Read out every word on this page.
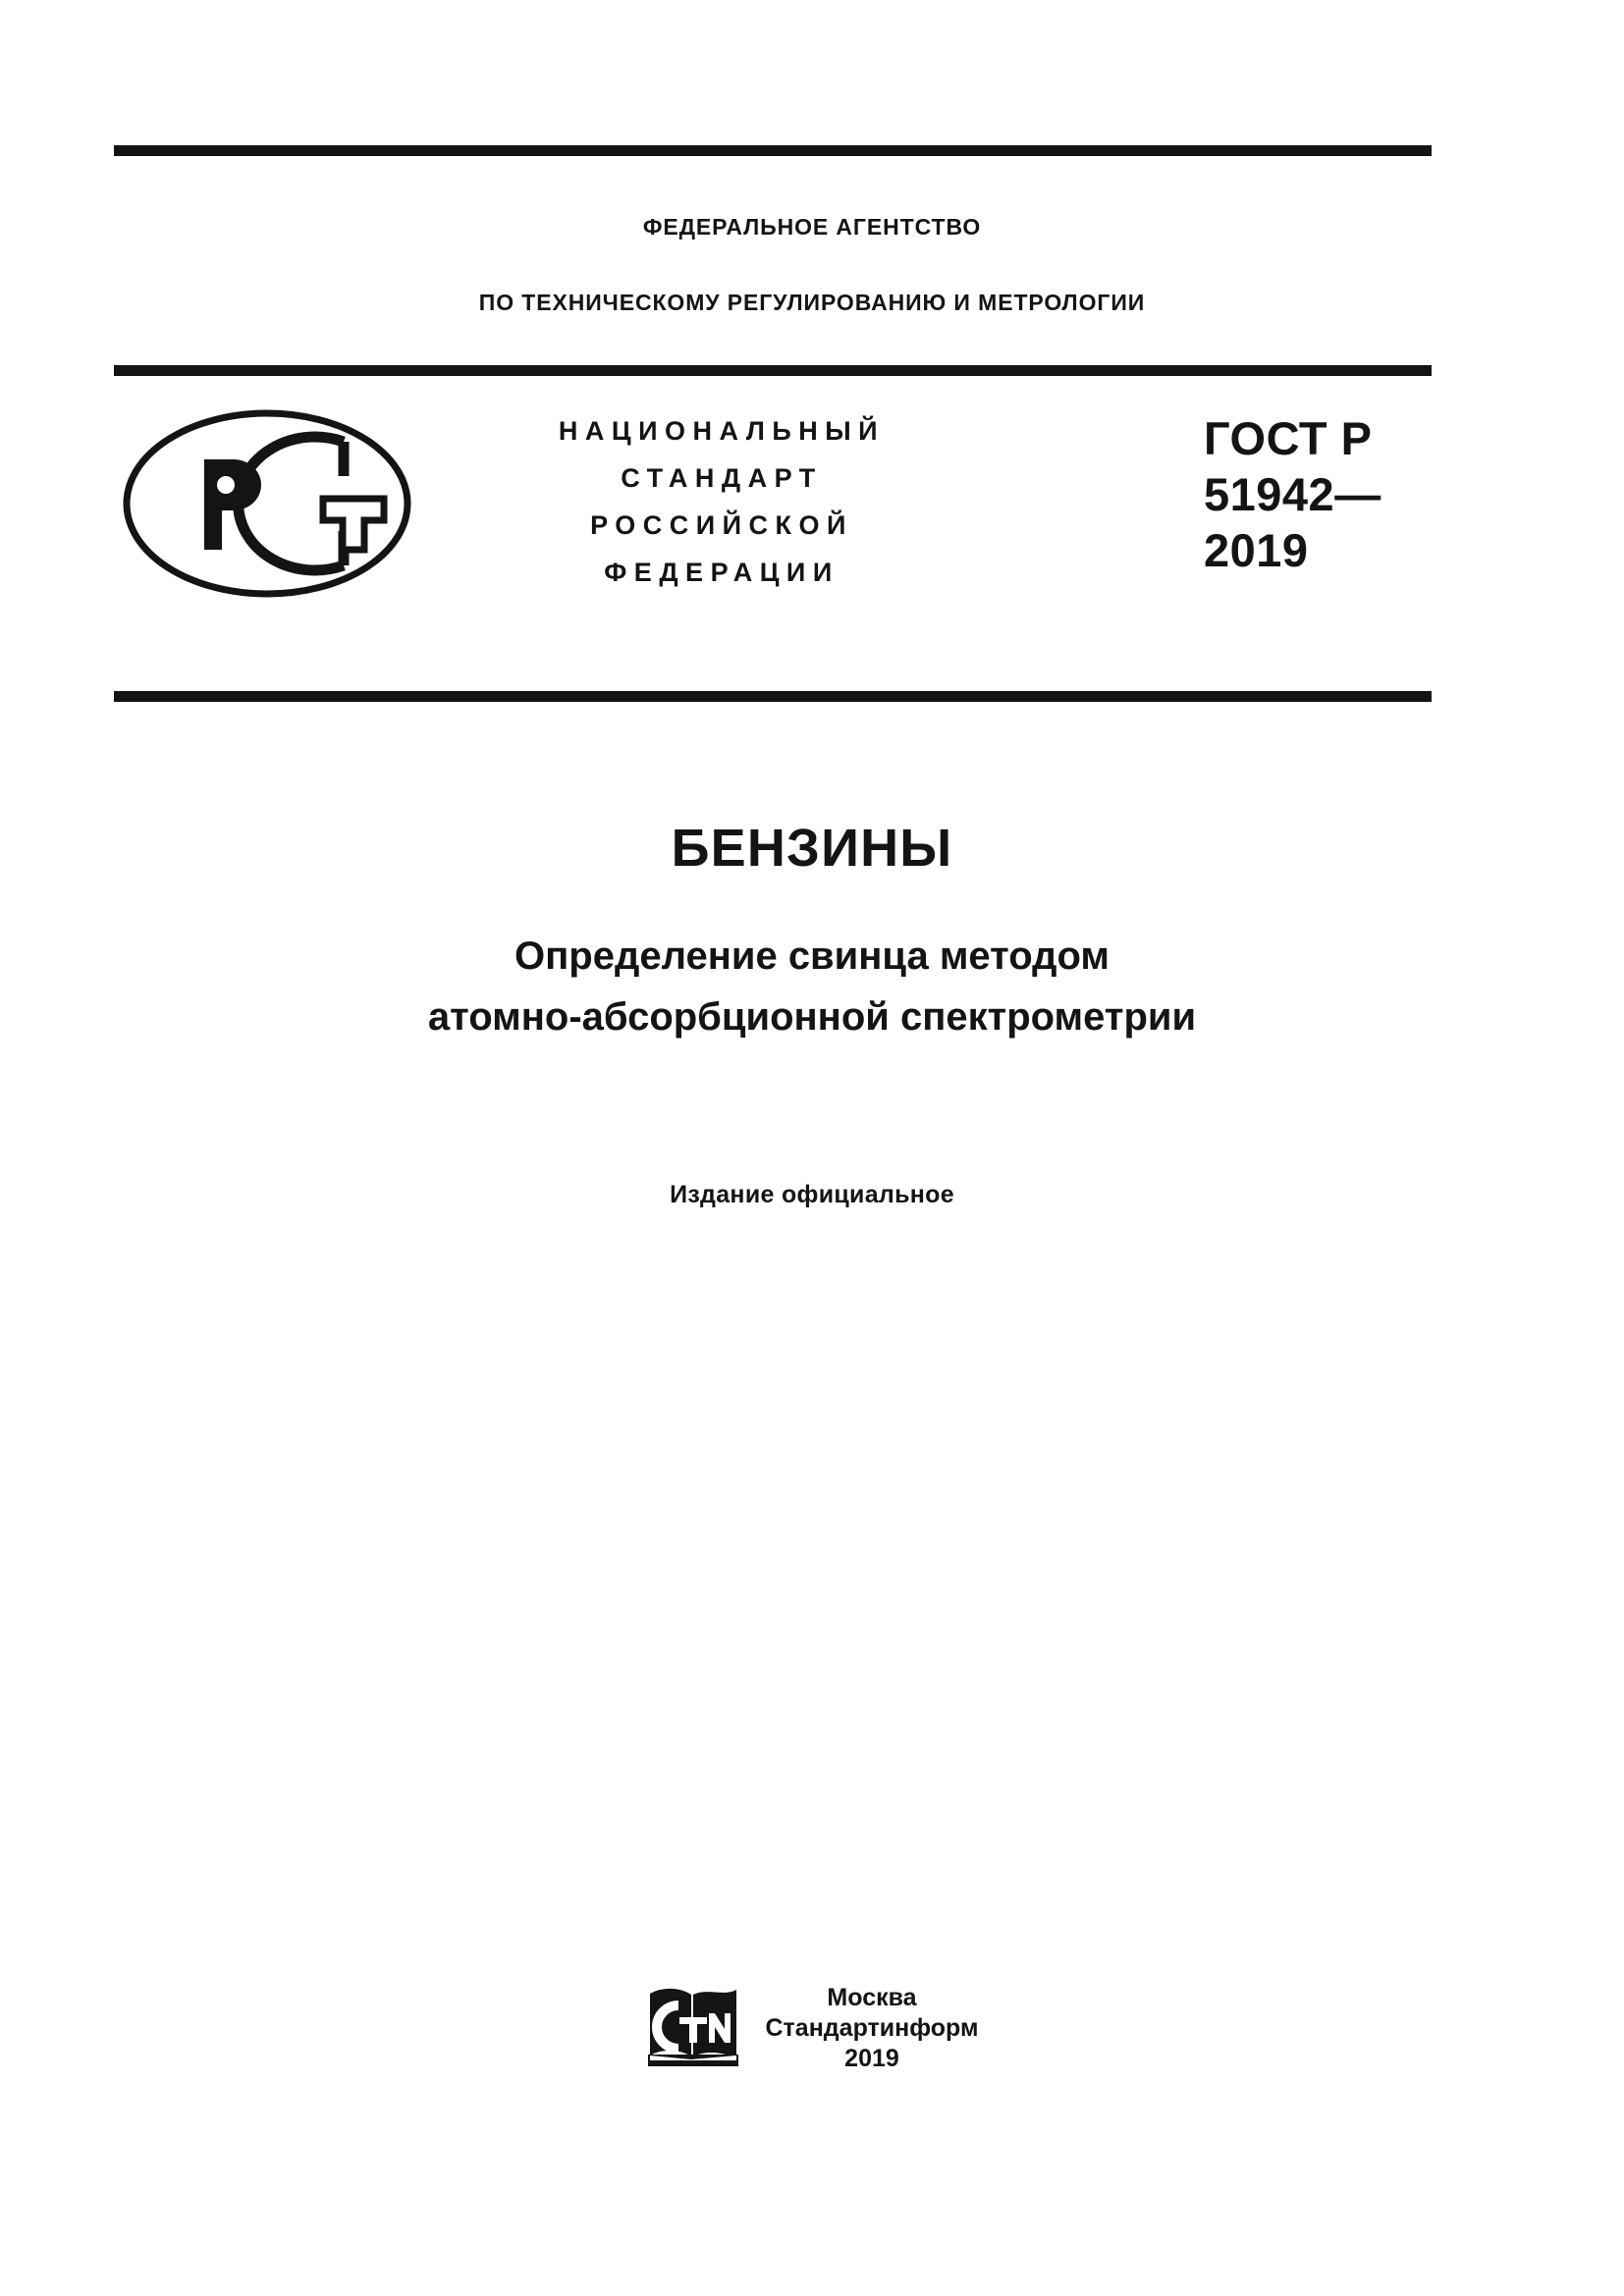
ФЕДЕРАЛЬНОЕ АГЕНТСТВО
ПО ТЕХНИЧЕСКОМУ РЕГУЛИРОВАНИЮ И МЕТРОЛОГИИ
НАЦИОНАЛЬНЫЙ
СТАНДАРТ
РОССИЙСКОЙ
ФЕДЕРАЦИИ
ГОСТ Р
51942—
2019
БЕНЗИНЫ
Определение свинца методом
атомно-абсорбционной спектрометрии
Издание официальное
Москва
Стандартинформ
2019
